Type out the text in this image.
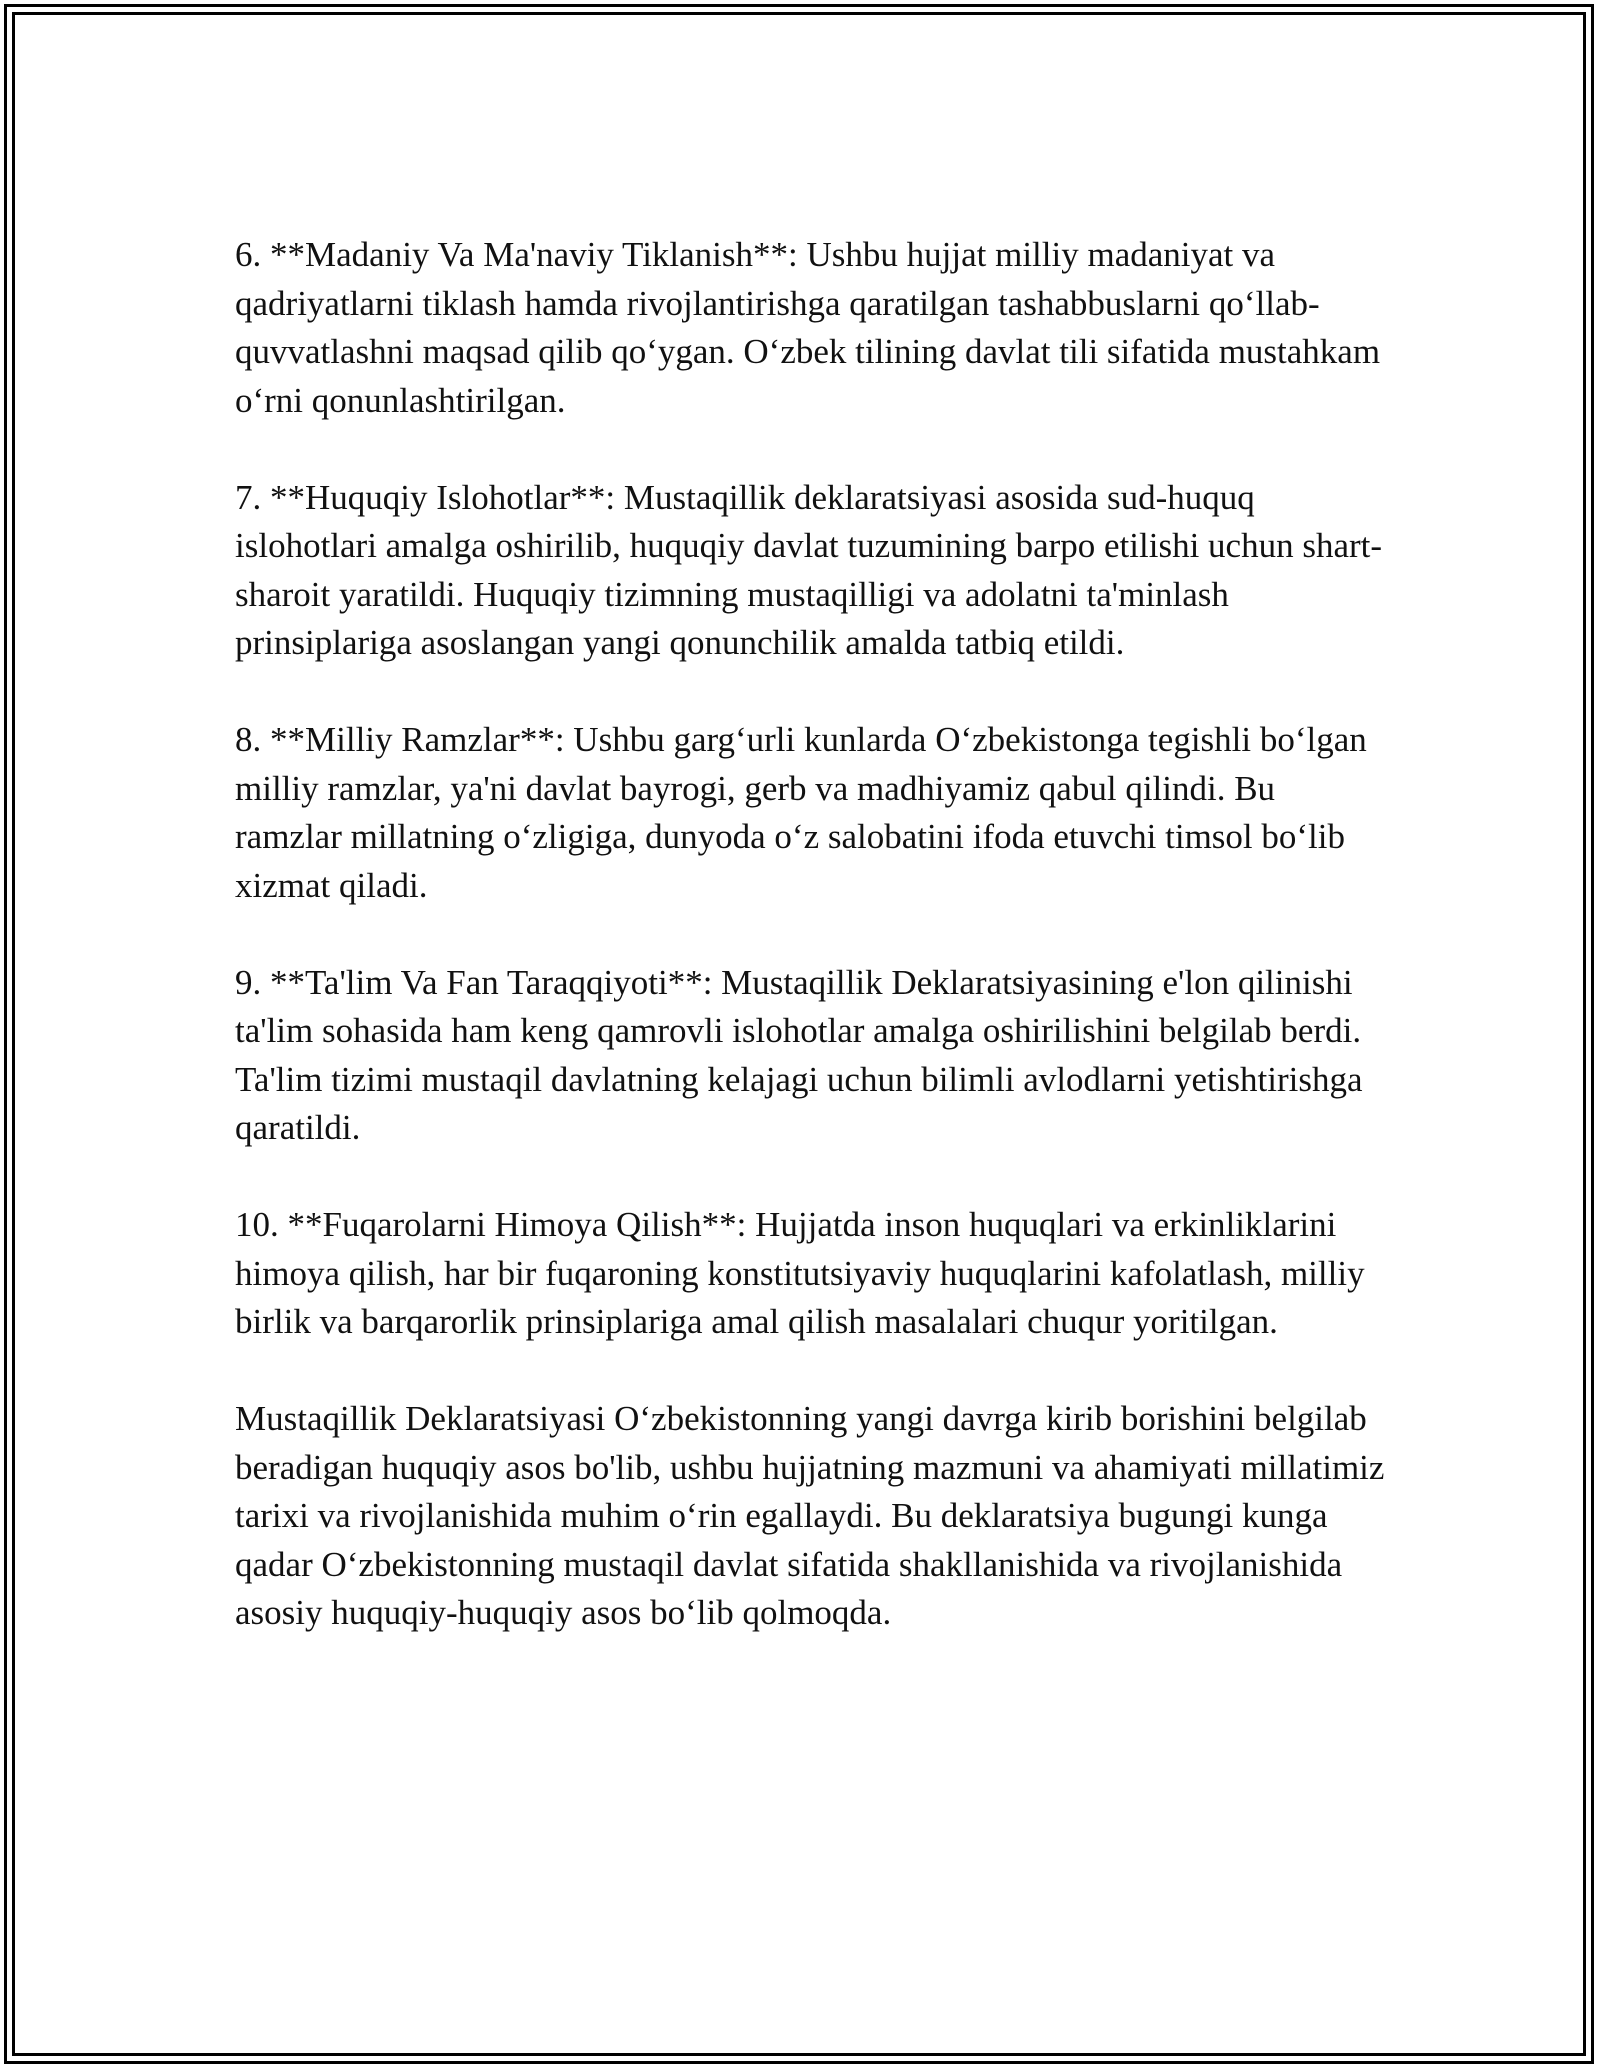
6. **Madaniy Va Ma'naviy Tiklanish**: Ushbu hujjat milliy madaniyat va qadriyatlarni tiklash hamda rivojlantirishga qaratilgan tashabbuslarni qo‘llab-quvvatlashni maqsad qilib qo‘ygan. O‘zbek tilining davlat tili sifatida mustahkam o‘rni qonunlashtirilgan.

7. **Huquqiy Islohotlar**: Mustaqillik deklaratsiyasi asosida sud-huquq islohotlari amalga oshirilib, huquqiy davlat tuzumining barpo etilishi uchun shart-sharoit yaratildi. Huquqiy tizimning mustaqilligi va adolatni ta'minlash prinsiplariga asoslangan yangi qonunchilik amalda tatbiq etildi.

8. **Milliy Ramzlar**: Ushbu garg‘urli kunlarda O‘zbekistonga tegishli bo‘lgan milliy ramzlar, ya'ni davlat bayrogi, gerb va madhiyamiz qabul qilindi. Bu ramzlar millatning o‘zligiga, dunyoda o‘z salobatini ifoda etuvchi timsol bo‘lib xizmat qiladi.

9. **Ta'lim Va Fan Taraqqiyoti**: Mustaqillik Deklaratsiyasining e'lon qilinishi ta'lim sohasida ham keng qamrovli islohotlar amalga oshirilishini belgilab berdi. Ta'lim tizimi mustaqil davlatning kelajagi uchun bilimli avlodlarni yetishtirishga qaratildi.

10. **Fuqarolarni Himoya Qilish**: Hujjatda inson huquqlari va erkinliklarini himoya qilish, har bir fuqaroning konstitutsiyaviy huquqlarini kafolatlash, milliy birlik va barqarorlik prinsiplariga amal qilish masalalari chuqur yoritilgan.

Mustaqillik Deklaratsiyasi O‘zbekistonning yangi davrga kirib borishini belgilab beradigan huquqiy asos bo'lib, ushbu hujjatning mazmuni va ahamiyati millatimiz tarixi va rivojlanishida muhim o‘rin egallaydi. Bu deklaratsiya bugungi kunga qadar O‘zbekistonning mustaqil davlat sifatida shakllanishida va rivojlanishida asosiy huquqiy-huquqiy asos bo‘lib qolmoqda.
